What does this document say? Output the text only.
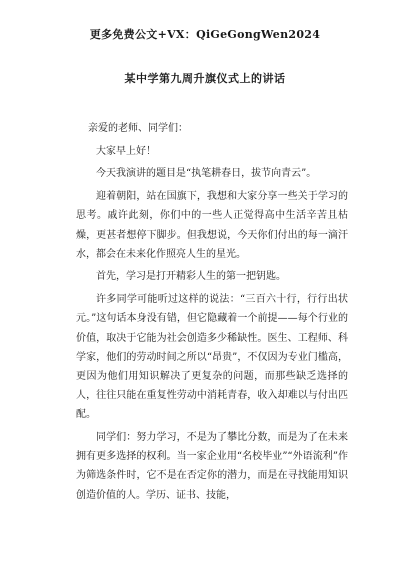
更多免费公文+VX：QiGeGongWen2024
某中学第九周升旗仪式上的讲话

亲爱的老师、同学们：

大家早上好！

今天我演讲的题目是“执笔耕春日，拔节向青云”。

迎着朝阳，站在国旗下，我想和大家分享一些关于学习的思考。戚许此刻，你们中的一些人正觉得高中生活辛苦且枯燥，更甚者想停下脚步。但我想说，今天你们付出的每一滴汗水，都会在未来化作照亮人生的星光。

首先，学习是打开精彩人生的第一把钥匙。

许多同学可能听过这样的说法：“三百六十行，行行出状元。”这句话本身没有错，但它隐藏着一个前提——每个行业的价值，取决于它能为社会创造多少稀缺性。医生、工程师、科学家，他们的劳动时间之所以“昂贵”，不仅因为专业门槛高，更因为他们用知识解决了更复杂的问题，而那些缺乏选择的人，往往只能在重复性劳动中消耗青春，收入却难以与付出匹配。

同学们：努力学习，不是为了攀比分数，而是为了在未来拥有更多选择的权利。当一家企业用“名校毕业”“外语流利”作为筛选条件时，它不是在否定你的潜力，而是在寻找能用知识创造价值的人。学历、证书、技能，
